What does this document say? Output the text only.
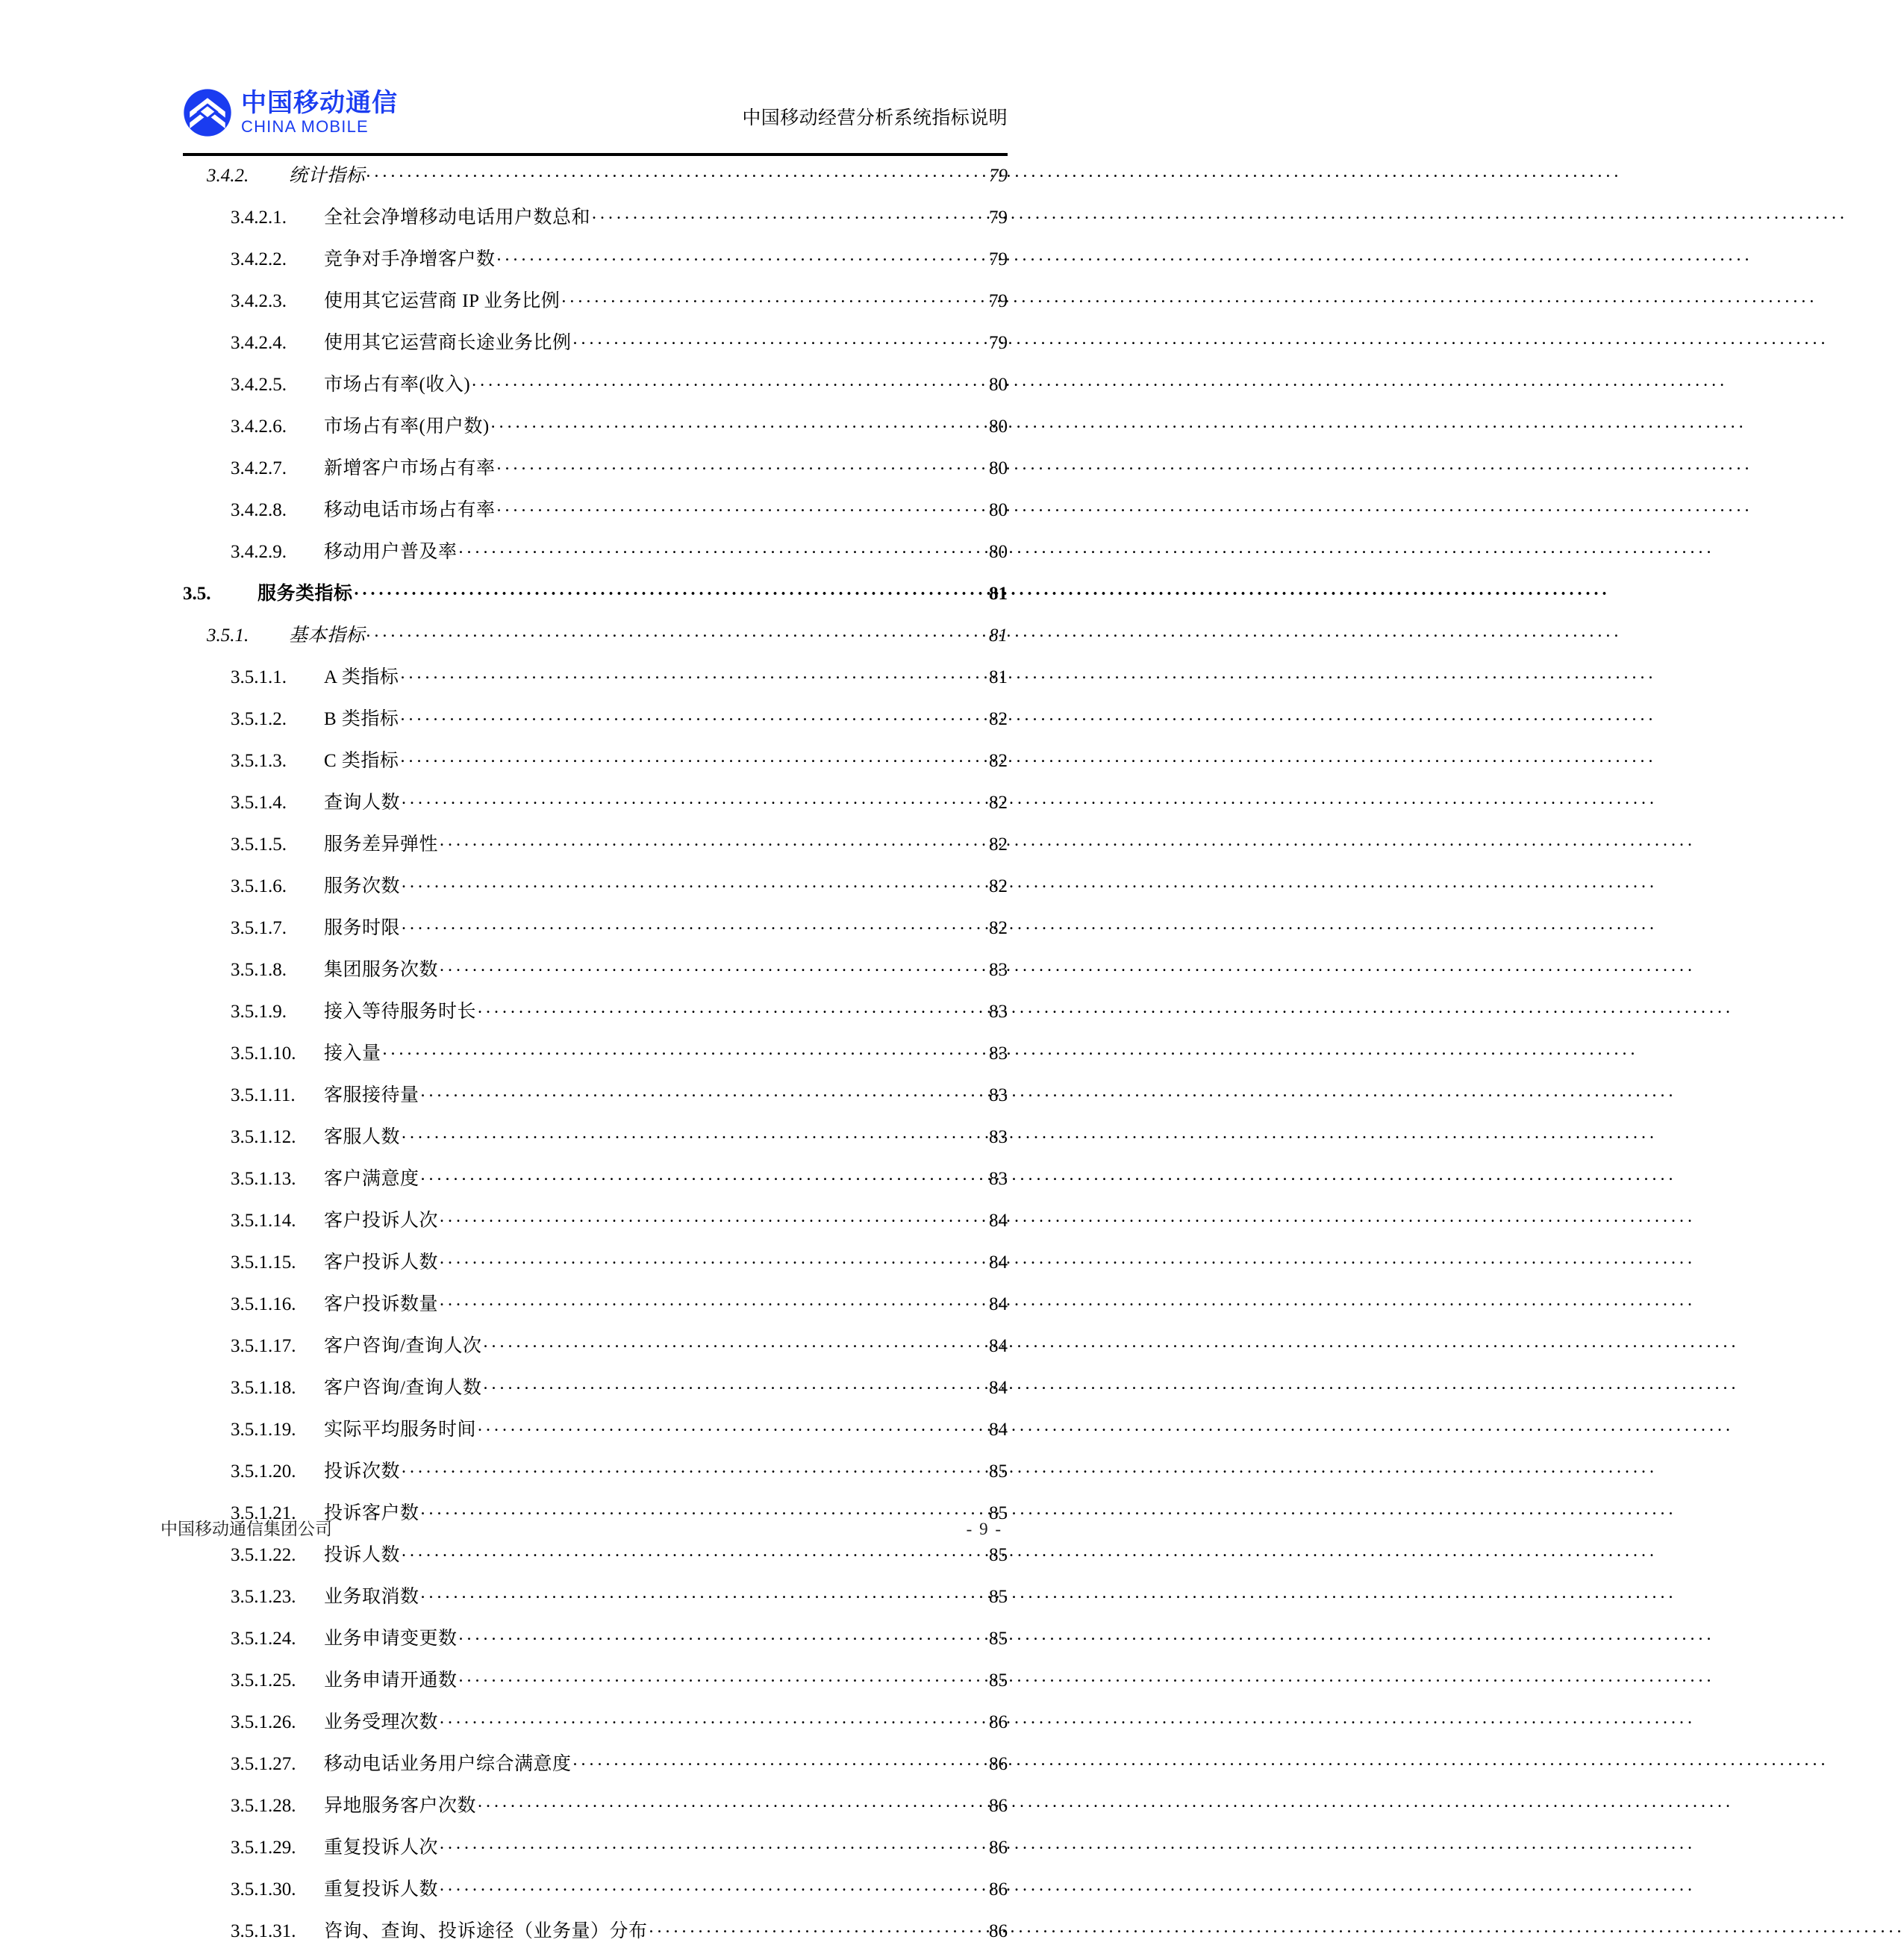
中国移动通信
CHINA MOBILE	中国移动经营分析系统指标说明
3.4.2.	统计指标 . . .	79
3.4.2.1.	全社会净增移动电话用户数总和 . . .	79
3.4.2.2.	竞争对手净增客户数 . . .	79
3.4.2.3.	使用其它运营商 IP 业务比例 . . .	79
3.4.2.4.	使用其它运营商长途业务比例 . . .	79
3.4.2.5.	市场占有率(收入) . . .	80
3.4.2.6.	市场占有率(用户数) . . .	80
3.4.2.7.	新增客户市场占有率 . . .	80
3.4.2.8.	移动电话市场占有率 . . .	80
3.4.2.9.	移动用户普及率 . . .	80
3.5.	服务类指标 . . .	81
3.5.1.	基本指标 . . .	81
3.5.1.1.	A 类指标 . . .	81
3.5.1.2.	B 类指标 . . .	82
3.5.1.3.	C 类指标 . . .	82
3.5.1.4.	查询人数 . . .	82
3.5.1.5.	服务差异弹性 . . .	82
3.5.1.6.	服务次数 . . .	82
3.5.1.7.	服务时限 . . .	82
3.5.1.8.	集团服务次数 . . .	83
3.5.1.9.	接入等待服务时长 . . .	83
3.5.1.10.	接入量 . . .	83
3.5.1.11.	客服接待量 . . .	83
3.5.1.12.	客服人数 . . .	83
3.5.1.13.	客户满意度 . . .	83
3.5.1.14.	客户投诉人次 . . .	84
3.5.1.15.	客户投诉人数 . . .	84
3.5.1.16.	客户投诉数量 . . .	84
3.5.1.17.	客户咨询/查询人次 . . .	84
3.5.1.18.	客户咨询/查询人数 . . .	84
3.5.1.19.	实际平均服务时间 . . .	84
3.5.1.20.	投诉次数 . . .	85
3.5.1.21.	投诉客户数 . . .	85
3.5.1.22.	投诉人数 . . .	85
3.5.1.23.	业务取消数 . . .	85
3.5.1.24.	业务申请变更数 . . .	85
3.5.1.25.	业务申请开通数 . . .	85
3.5.1.26.	业务受理次数 . . .	86
3.5.1.27.	移动电话业务用户综合满意度 . . .	86
3.5.1.28.	异地服务客户次数 . . .	86
3.5.1.29.	重复投诉人次 . . .	86
3.5.1.30.	重复投诉人数 . . .	86
3.5.1.31.	咨询、查询、投诉途径（业务量）分布 . . .	86
中国移动通信集团公司	- 9 -
